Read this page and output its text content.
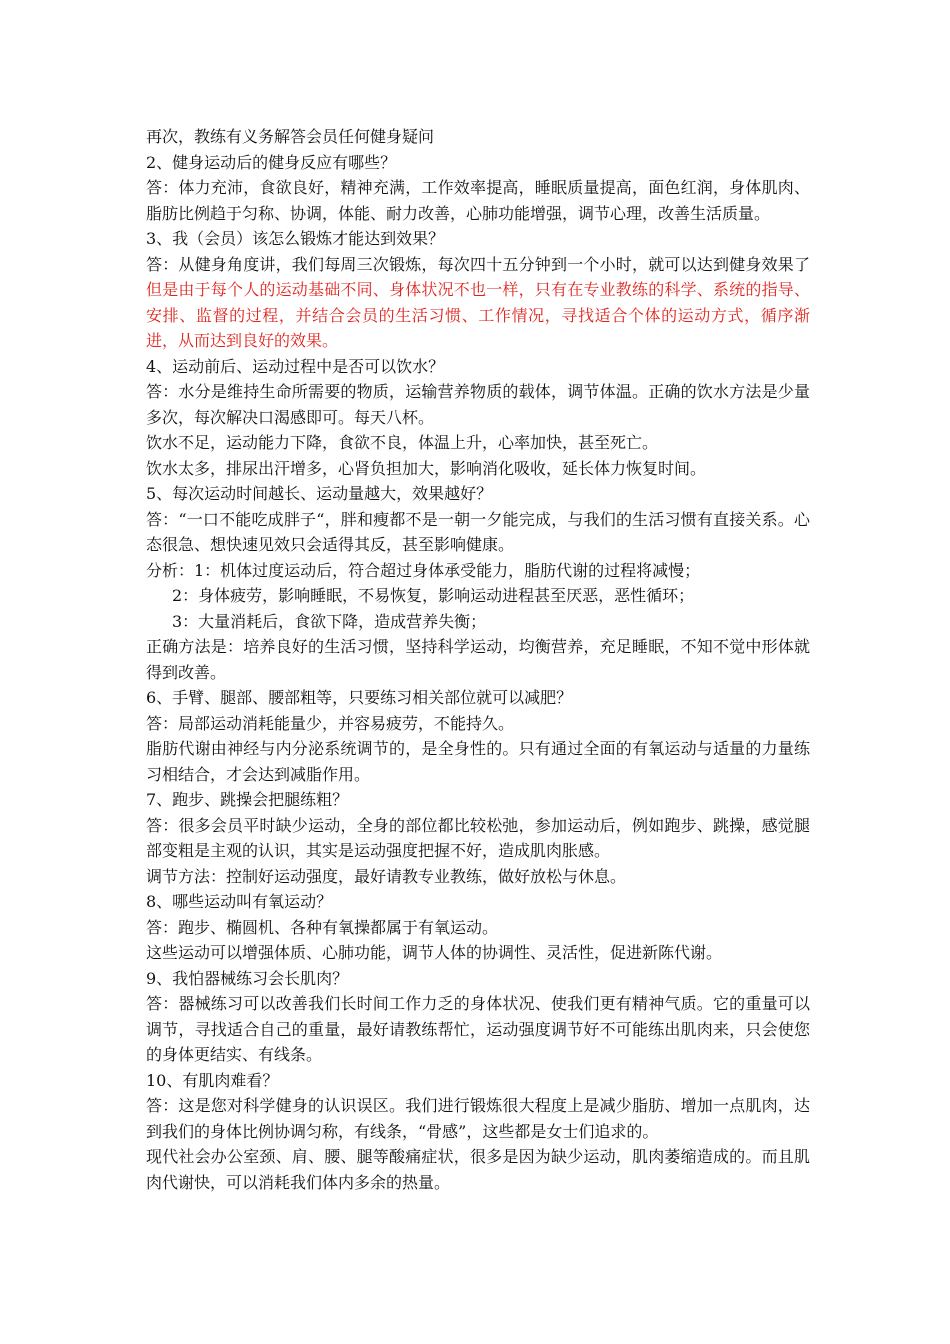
再次，教练有义务解答会员任何健身疑问

2、健身运动后的健身反应有哪些？

答：体力充沛，食欲良好，精神充满，工作效率提高，睡眠质量提高，面色红润，身体肌肉、脂肪比例趋于匀称、协调，体能、耐力改善，心肺功能增强，调节心理，改善生活质量。

3、我（会员）该怎么锻炼才能达到效果？

答：从健身角度讲，我们每周三次锻炼，每次四十五分钟到一个小时，就可以达到健身效果了但是由于每个人的运动基础不同、身体状况不也一样，只有在专业教练的科学、系统的指导、安排、监督的过程，并结合会员的生活习惯、工作情况，寻找适合个体的运动方式，循序渐进，从而达到良好的效果。

4、运动前后、运动过程中是否可以饮水？

答：水分是维持生命所需要的物质，运输营养物质的载体，调节体温。正确的饮水方法是少量多次，每次解决口渴感即可。每天八杯。

饮水不足，运动能力下降，食欲不良，体温上升，心率加快，甚至死亡。

饮水太多，排尿出汗增多，心肾负担加大，影响消化吸收，延长体力恢复时间。

5、每次运动时间越长、运动量越大，效果越好？

答：“一口不能吃成胖子“，胖和瘦都不是一朝一夕能完成，与我们的生活习惯有直接关系。心态很急、想快速见效只会适得其反，甚至影响健康。

分析：1：机体过度运动后，符合超过身体承受能力，脂肪代谢的过程将减慢；

2：身体疲劳，影响睡眠，不易恢复，影响运动进程甚至厌恶，恶性循环；

3：大量消耗后，食欲下降，造成营养失衡；

正确方法是：培养良好的生活习惯，坚持科学运动，均衡营养，充足睡眠，不知不觉中形体就得到改善。

6、手臂、腿部、腰部粗等，只要练习相关部位就可以减肥？

答：局部运动消耗能量少，并容易疲劳，不能持久。

脂肪代谢由神经与内分泌系统调节的，是全身性的。只有通过全面的有氧运动与适量的力量练习相结合，才会达到减脂作用。

7、跑步、跳操会把腿练粗？

答：很多会员平时缺少运动，全身的部位都比较松弛，参加运动后，例如跑步、跳操，感觉腿部变粗是主观的认识，其实是运动强度把握不好，造成肌肉胀感。

调节方法：控制好运动强度，最好请教专业教练，做好放松与休息。

8、哪些运动叫有氧运动？

答：跑步、椭圆机、各种有氧操都属于有氧运动。

这些运动可以增强体质、心肺功能，调节人体的协调性、灵活性，促进新陈代谢。

9、我怕器械练习会长肌肉？

答：器械练习可以改善我们长时间工作力乏的身体状况、使我们更有精神气质。它的重量可以调节，寻找适合自己的重量，最好请教练帮忙，运动强度调节好不可能练出肌肉来，只会使您的身体更结实、有线条。

10、有肌肉难看？

答：这是您对科学健身的认识误区。我们进行锻炼很大程度上是减少脂肪、增加一点肌肉，达到我们的身体比例协调匀称，有线条，“骨感”，这些都是女士们追求的。

现代社会办公室颈、肩、腰、腿等酸痛症状，很多是因为缺少运动，肌肉萎缩造成的。而且肌肉代谢快，可以消耗我们体内多余的热量。
